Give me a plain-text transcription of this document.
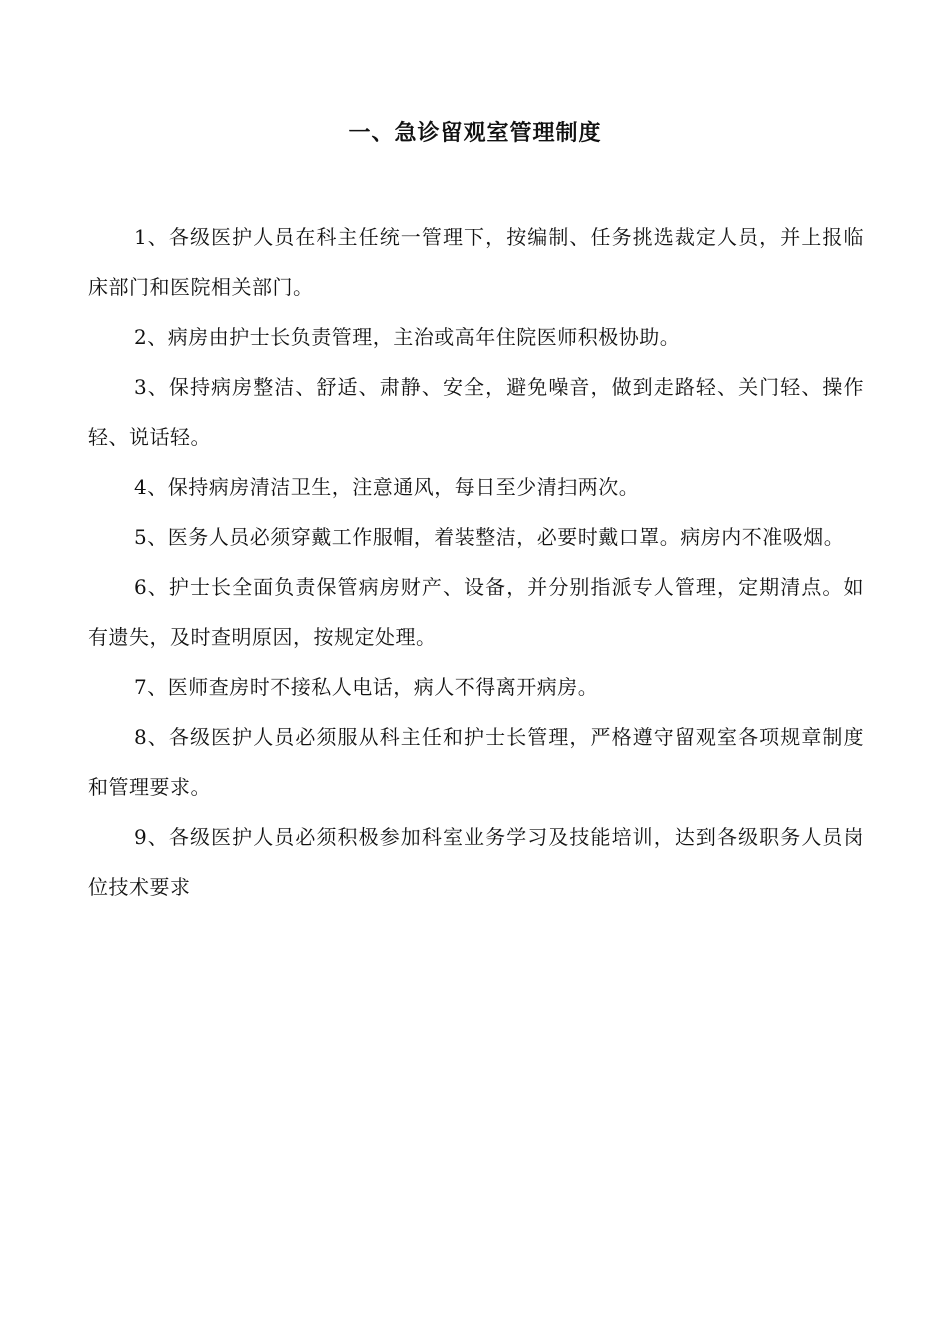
一、急诊留观室管理制度

1、各级医护人员在科主任统一管理下，按编制、任务挑选裁定人员，并上报临床部门和医院相关部门。

2、病房由护士长负责管理，主治或高年住院医师积极协助。

3、保持病房整洁、舒适、肃静、安全，避免噪音，做到走路轻、关门轻、操作轻、说话轻。

4、保持病房清洁卫生，注意通风，每日至少清扫两次。

5、医务人员必须穿戴工作服帽，着装整洁，必要时戴口罩。病房内不准吸烟。

6、护士长全面负责保管病房财产、设备，并分别指派专人管理，定期清点。如有遗失，及时查明原因，按规定处理。

7、医师查房时不接私人电话，病人不得离开病房。

8、各级医护人员必须服从科主任和护士长管理，严格遵守留观室各项规章制度和管理要求。

9、各级医护人员必须积极参加科室业务学习及技能培训，达到各级职务人员岗位技术要求
